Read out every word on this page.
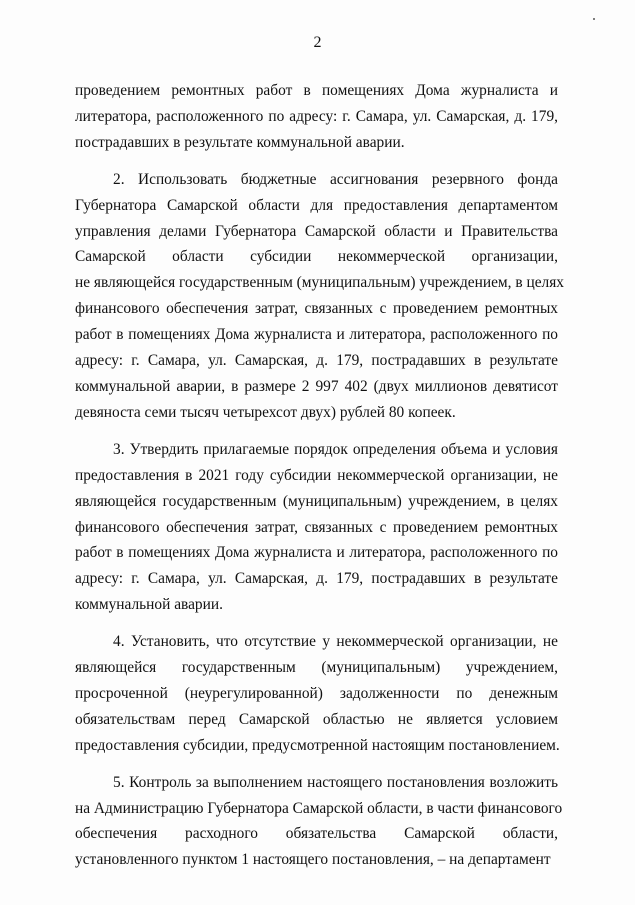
2
проведением ремонтных работ в помещениях Дома журналиста и
литератора, расположенного по адресу: г. Самара, ул. Самарская, д. 179,
пострадавших в результате коммунальной аварии.
2. Использовать бюджетные ассигнования резервного фонда
Губернатора Самарской области для предоставления департаментом
управления делами Губернатора Самарской области и Правительства
Самарской области субсидии некоммерческой организации,
не являющейся государственным (муниципальным) учреждением, в целях
финансового обеспечения затрат, связанных с проведением ремонтных
работ в помещениях Дома журналиста и литератора, расположенного по
адресу: г. Самара, ул. Самарская, д. 179, пострадавших в результате
коммунальной аварии, в размере 2 997 402 (двух миллионов девятисот
девяноста семи тысяч четырехсот двух) рублей 80 копеек.
3. Утвердить прилагаемые порядок определения объема и условия
предоставления в 2021 году субсидии некоммерческой организации, не
являющейся государственным (муниципальным) учреждением, в целях
финансового обеспечения затрат, связанных с проведением ремонтных
работ в помещениях Дома журналиста и литератора, расположенного по
адресу: г. Самара, ул. Самарская, д. 179, пострадавших в результате
коммунальной аварии.
4. Установить, что отсутствие у некоммерческой организации, не
являющейся государственным (муниципальным) учреждением,
просроченной (неурегулированной) задолженности по денежным
обязательствам перед Самарской областью не является условием
предоставления субсидии, предусмотренной настоящим постановлением.
5. Контроль за выполнением настоящего постановления возложить
на Администрацию Губернатора Самарской области, в части финансового
обеспечения расходного обязательства Самарской области,
установленного пунктом 1 настоящего постановления, – на департамент
